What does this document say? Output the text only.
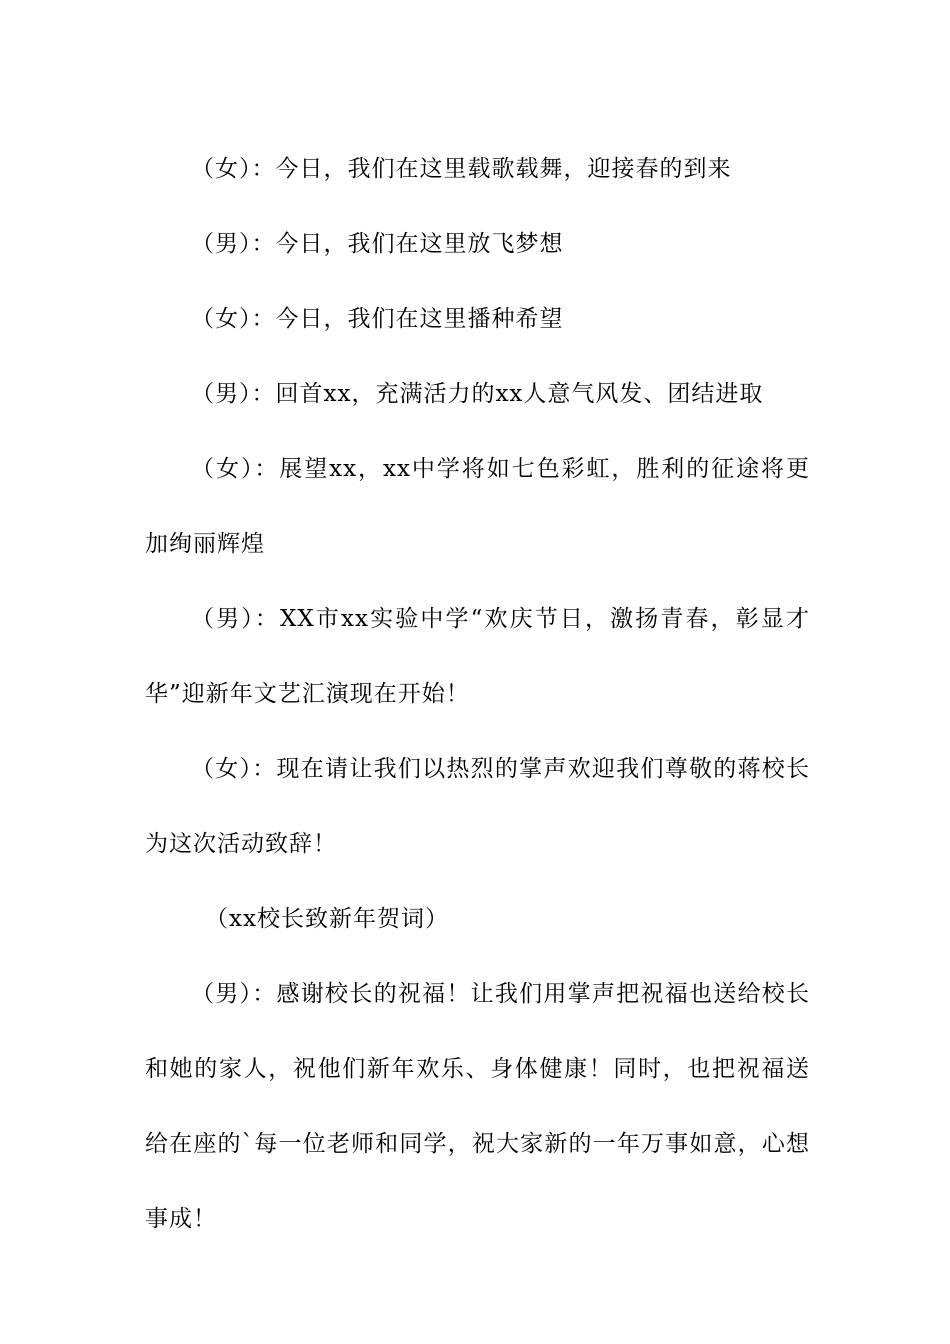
（女）：今日，我们在这里载歌载舞，迎接春的到来

（男）：今日，我们在这里放飞梦想

（女）：今日，我们在这里播种希望

（男）：回首xx，充满活力的xx人意气风发、团结进取

（女）：展望xx，xx中学将如七色彩虹，胜利的征途将更加绚丽辉煌

（男）：XX市xx实验中学“欢庆节日，激扬青春，彰显才华”迎新年文艺汇演现在开始！

（女）：现在请让我们以热烈的掌声欢迎我们尊敬的蒋校长为这次活动致辞！

（xx校长致新年贺词）

（男）：感谢校长的祝福！让我们用掌声把祝福也送给校长和她的家人，祝他们新年欢乐、身体健康！同时，也把祝福送给在座的`每一位老师和同学，祝大家新的一年万事如意，心想事成！
